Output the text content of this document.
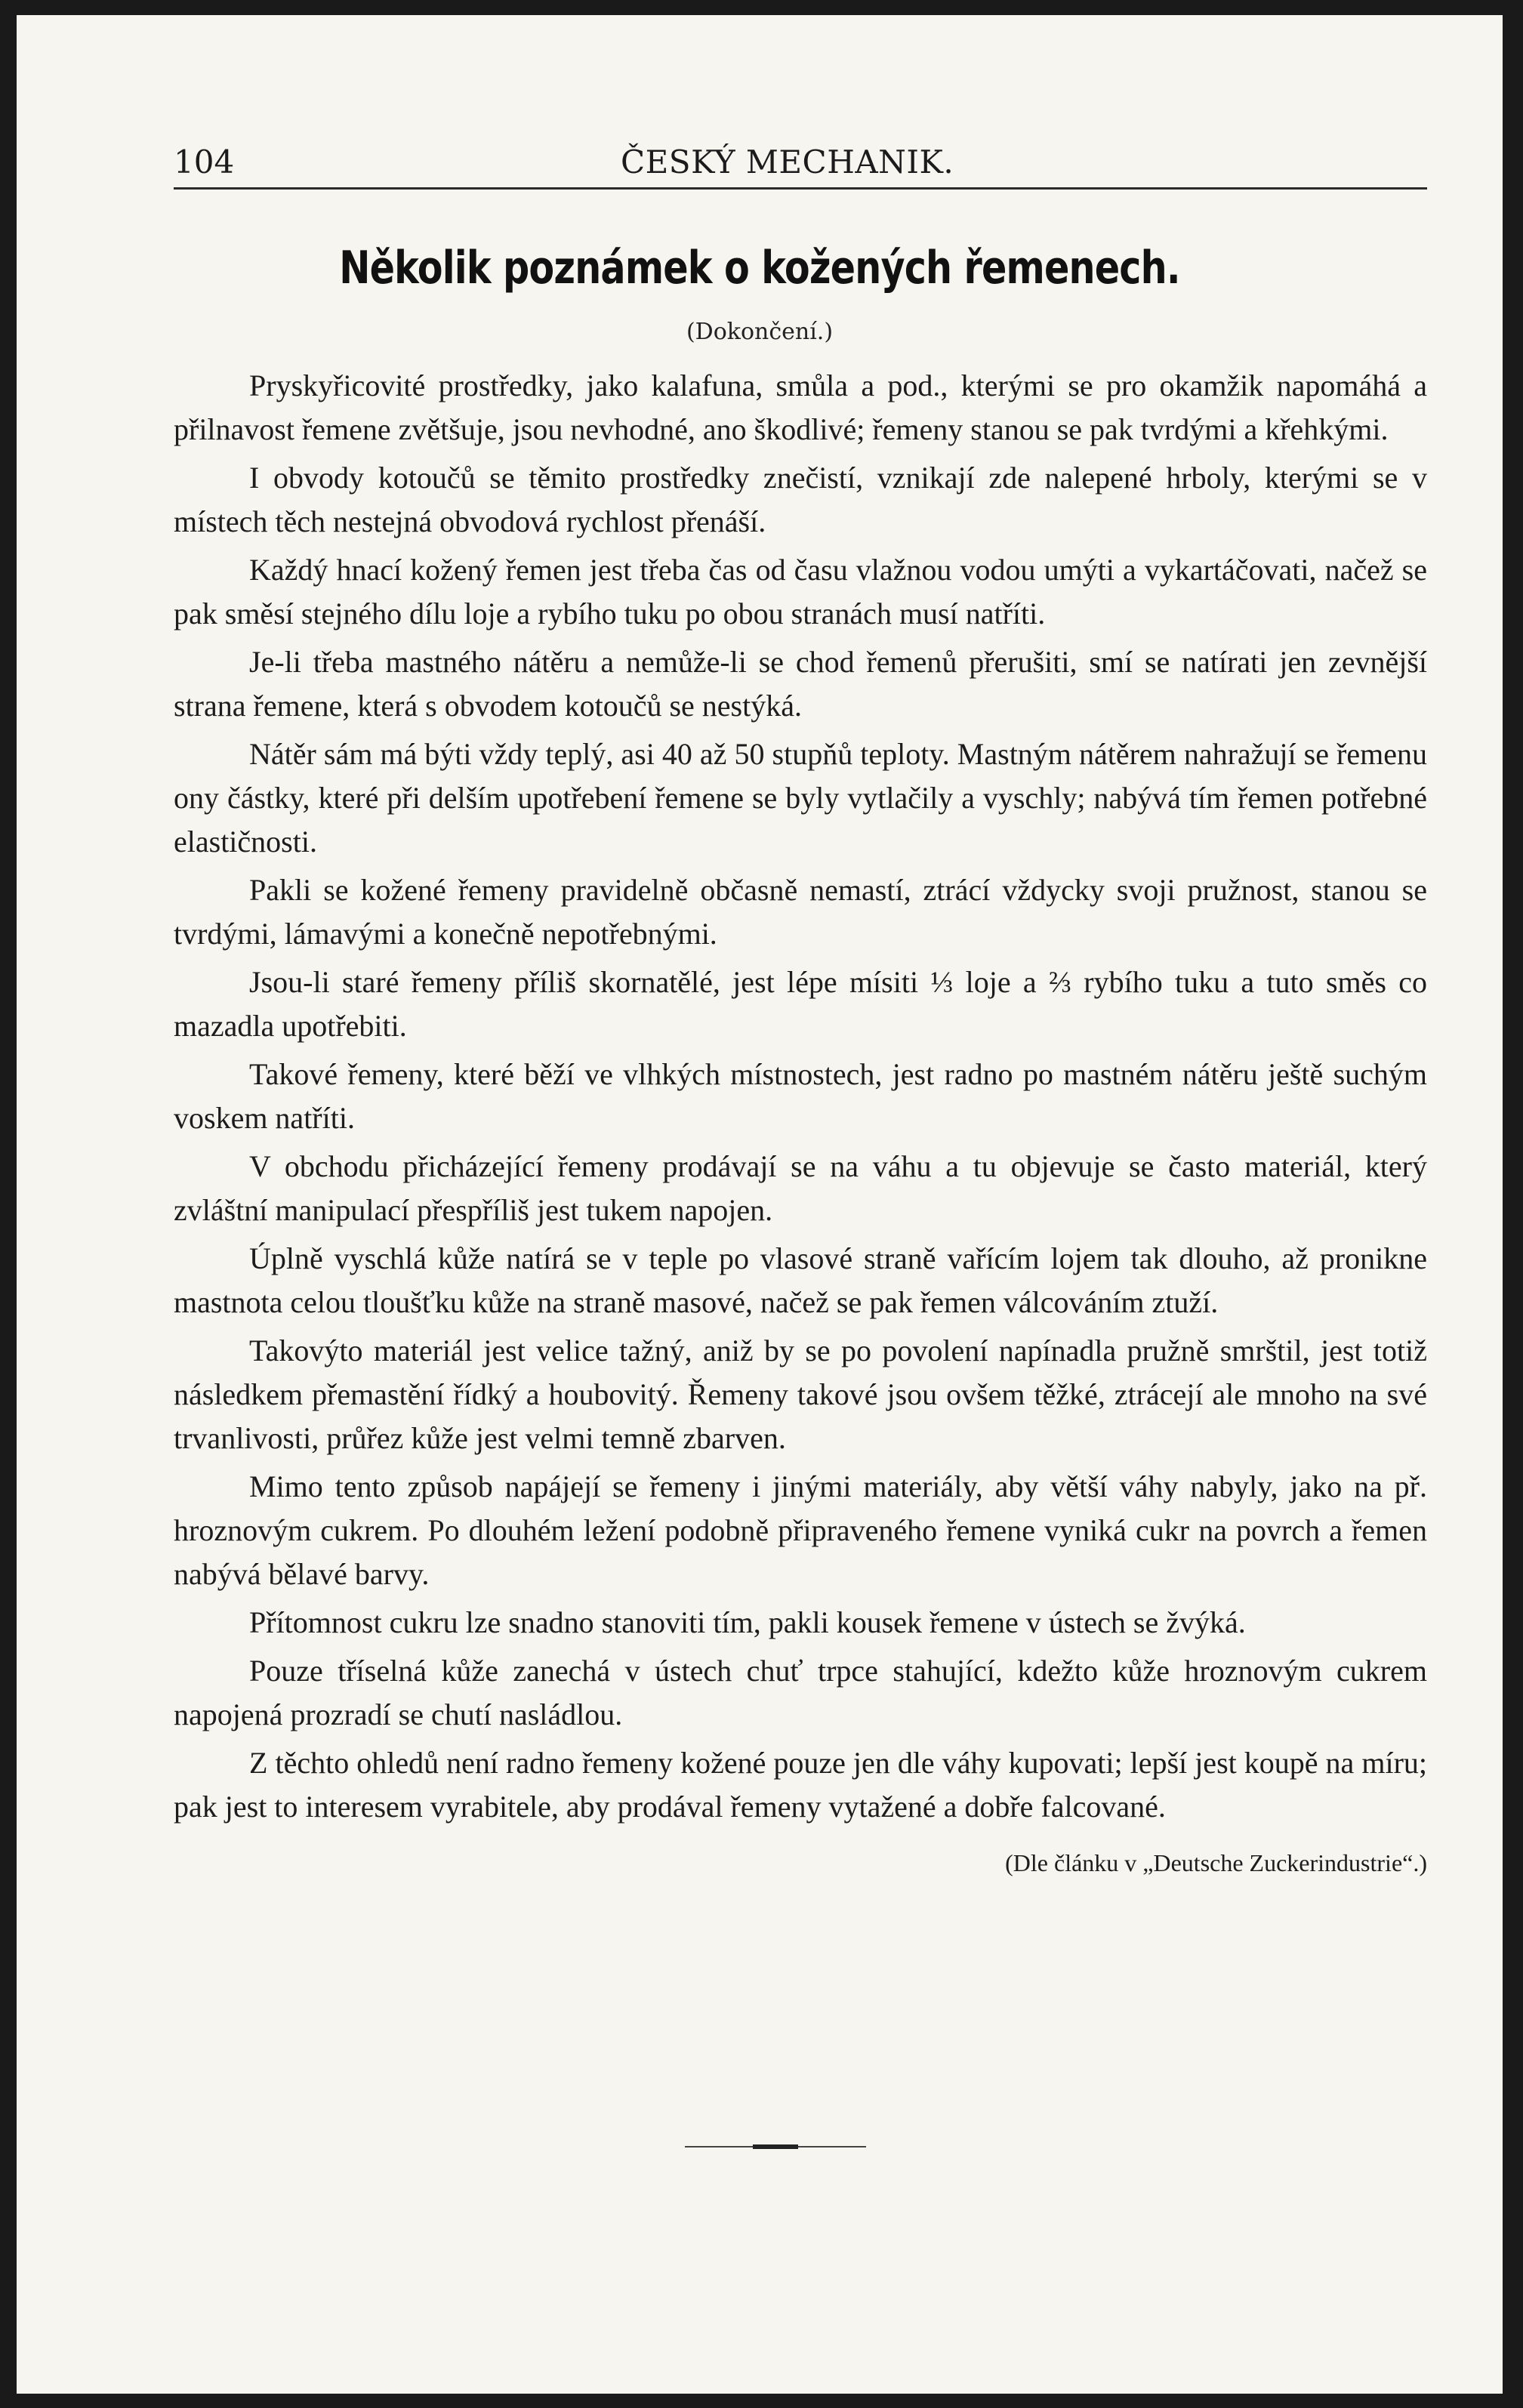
104	ČESKÝ MECHANIK.
Několik poznámek o kožených řemenech.
(Dokončení.)

Pryskyřicovité prostředky, jako kalafuna, smůla a pod., kterými se pro okamžik napomáhá a přilnavost řemene zvětšuje, jsou nevhodné, ano škodlivé; řemeny stanou se pak tvrdými a křehkými.

I obvody kotoučů se těmito prostředky znečistí, vznikají zde nalepené hrboly, kterými se v místech těch nestejná obvodová rychlost přenáší.

Každý hnací kožený řemen jest třeba čas od času vlažnou vodou umýti a vykartáčovati, načež se pak směsí stejného dílu loje a rybího tuku po obou stranách musí natříti.

Je-li třeba mastného nátěru a nemůže-li se chod řemenů přerušiti, smí se natírati jen zevnější strana řemene, která s obvodem kotoučů se nestýká.

Nátěr sám má býti vždy teplý, asi 40 až 50 stupňů teploty. Mastným nátěrem nahražují se řemenu ony částky, které při delším upotřebení řemene se byly vytlačily a vyschly; nabývá tím řemen potřebné elastičnosti.

Pakli se kožené řemeny pravidelně občasně nemastí, ztrácí vždycky svoji pružnost, stanou se tvrdými, lámavými a konečně nepotřebnými.

Jsou-li staré řemeny příliš skornatělé, jest lépe mísiti ⅓ loje a ⅔ rybího tuku a tuto směs co mazadla upotřebiti.

Takové řemeny, které běží ve vlhkých místnostech, jest radno po mastném nátěru ještě suchým voskem natříti.

V obchodu přicházející řemeny prodávají se na váhu a tu objevuje se často materiál, který zvláštní manipulací přespříliš jest tukem napojen.

Úplně vyschlá kůže natírá se v teple po vlasové straně vařícím lojem tak dlouho, až pronikne mastnota celou tloušťku kůže na straně masové, načež se pak řemen válcováním ztuží.

Takovýto materiál jest velice tažný, aniž by se po povolení napínadla pružně smrštil, jest totiž následkem přemastění řídký a houbovitý. Řemeny takové jsou ovšem těžké, ztrácejí ale mnoho na své trvanlivosti, průřez kůže jest velmi temně zbarven.

Mimo tento způsob napájejí se řemeny i jinými materiály, aby větší váhy nabyly, jako na př. hroznovým cukrem. Po dlouhém ležení podobně připraveného řemene vyniká cukr na povrch a řemen nabývá bělavé barvy.

Přítomnost cukru lze snadno stanoviti tím, pakli kousek řemene v ústech se žvýká.

Pouze tříselná kůže zanechá v ústech chuť trpce stahující, kdežto kůže hroznovým cukrem napojená prozradí se chutí nasládlou.

Z těchto ohledů není radno řemeny kožené pouze jen dle váhy kupovati; lepší jest koupě na míru; pak jest to interesem vyrabitele, aby prodával řemeny vytažené a dobře falcované.

(Dle článku v „Deutsche Zuckerindustrie“.)
